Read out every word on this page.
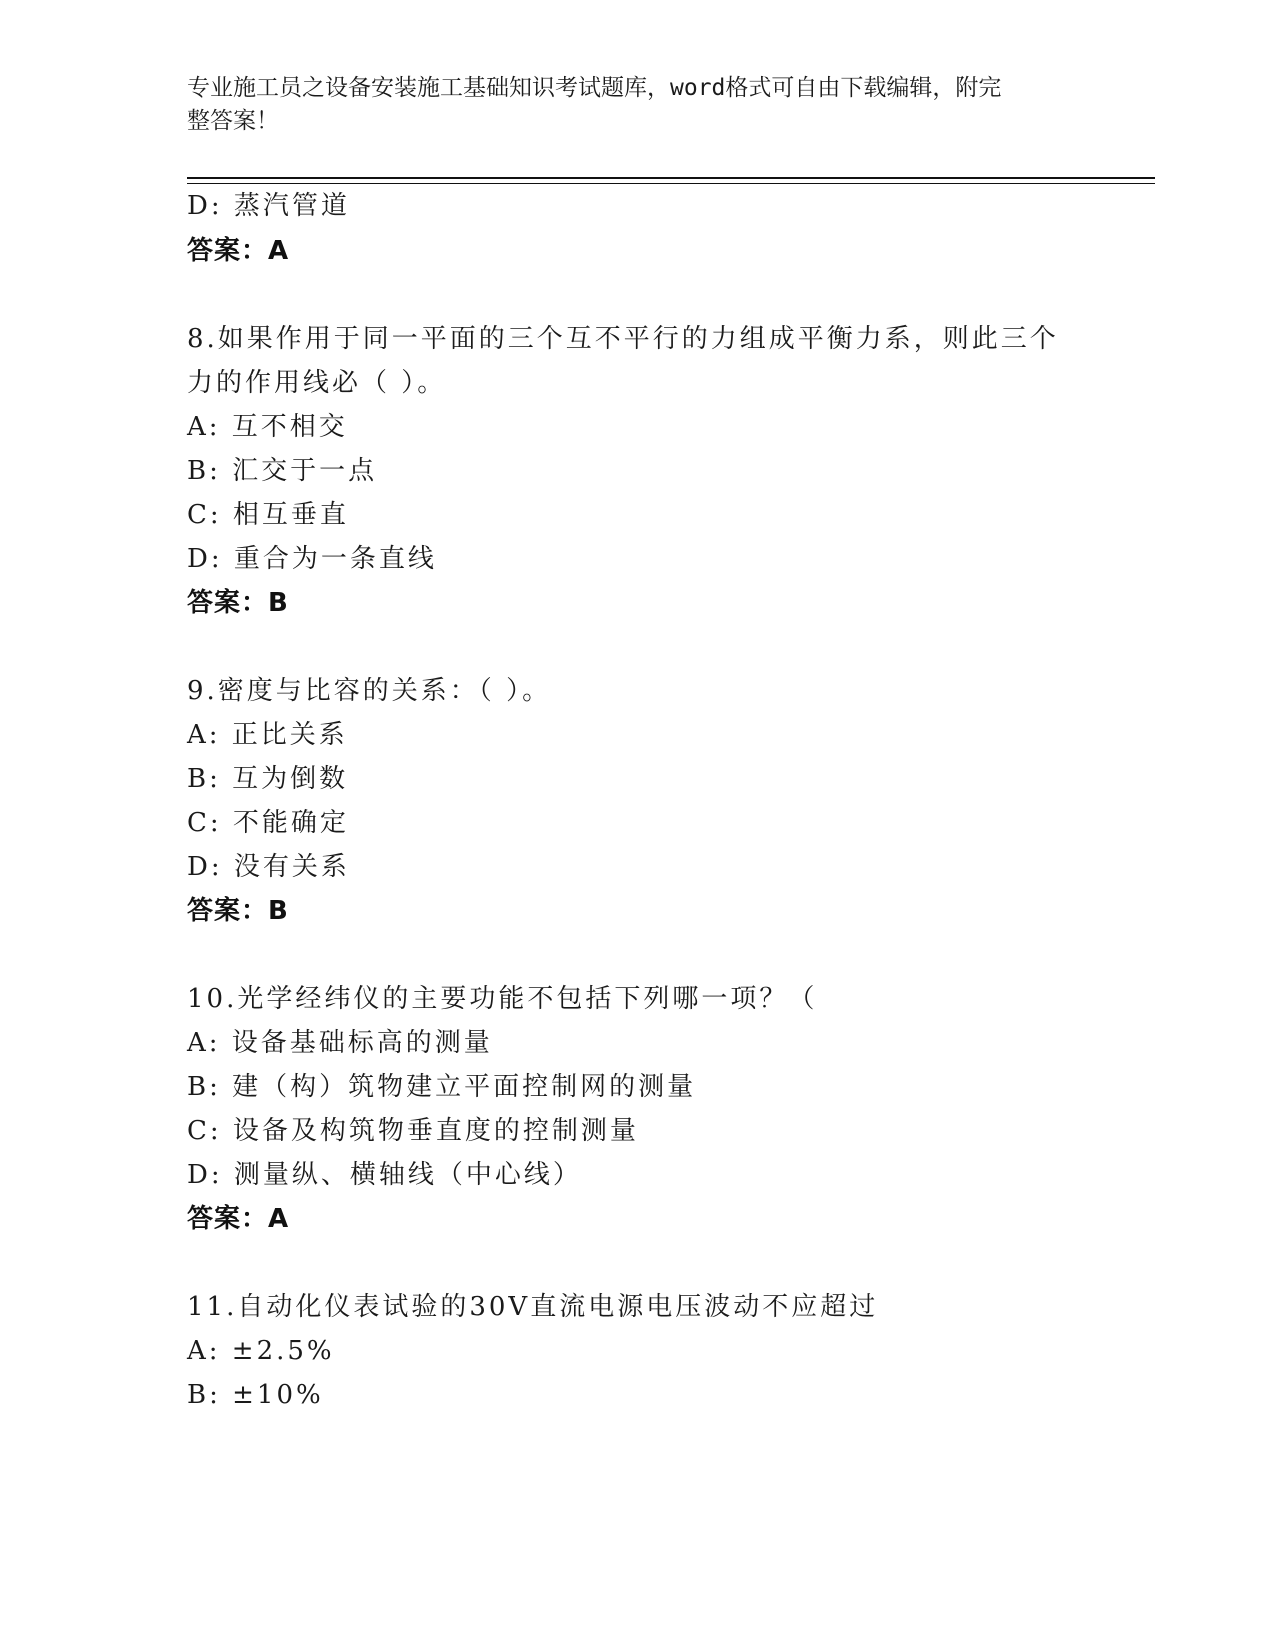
专业施工员之设备安装施工基础知识考试题库，word格式可自由下载编辑，附完
整答案！
D: 蒸汽管道
答案：A
8.如果作用于同一平面的三个互不平行的力组成平衡力系，则此三个
力的作用线必（ ）。
A: 互不相交
B: 汇交于一点
C: 相互垂直
D: 重合为一条直线
答案：B
9.密度与比容的关系：（ ）。
A: 正比关系
B: 互为倒数
C: 不能确定
D: 没有关系
答案：B
10.光学经纬仪的主要功能不包括下列哪一项？（
A: 设备基础标高的测量
B: 建（构）筑物建立平面控制网的测量
C: 设备及构筑物垂直度的控制测量
D: 测量纵、横轴线（中心线）
答案：A
11.自动化仪表试验的30V直流电源电压波动不应超过
A: ±2.5%
B: ±10%
